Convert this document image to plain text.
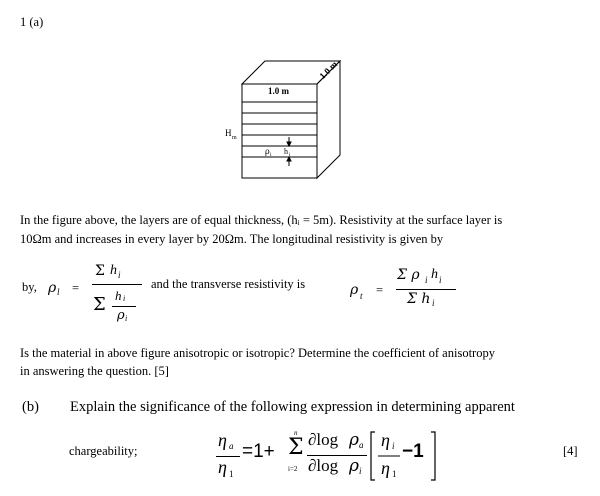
1 (a)
1.0 m
1.0 m
H m
ρ i h i
In the figure above, the layers are of equal thickness, (hᵢ = 5m). Resistivity at the surface layer is
10Ωm and increases in every layer by 20Ωm. The longitudinal resistivity is given by
by, ρ l =
Σ h i
Σ h i
ρ i
and the transverse resistivity is	ρ t =
Σ ρ i h i
Σ h i
Is the material in above figure anisotropic or isotropic? Determine the coefficient of anisotropy
in answering the question. [5]
(b) Explain the significance of the following expression in determining apparent
chargeability;	[4]
η a
η 1
=1+
n
Σ
i=2
∂log ρ a
∂log ρ i
η i
η 1
−1
